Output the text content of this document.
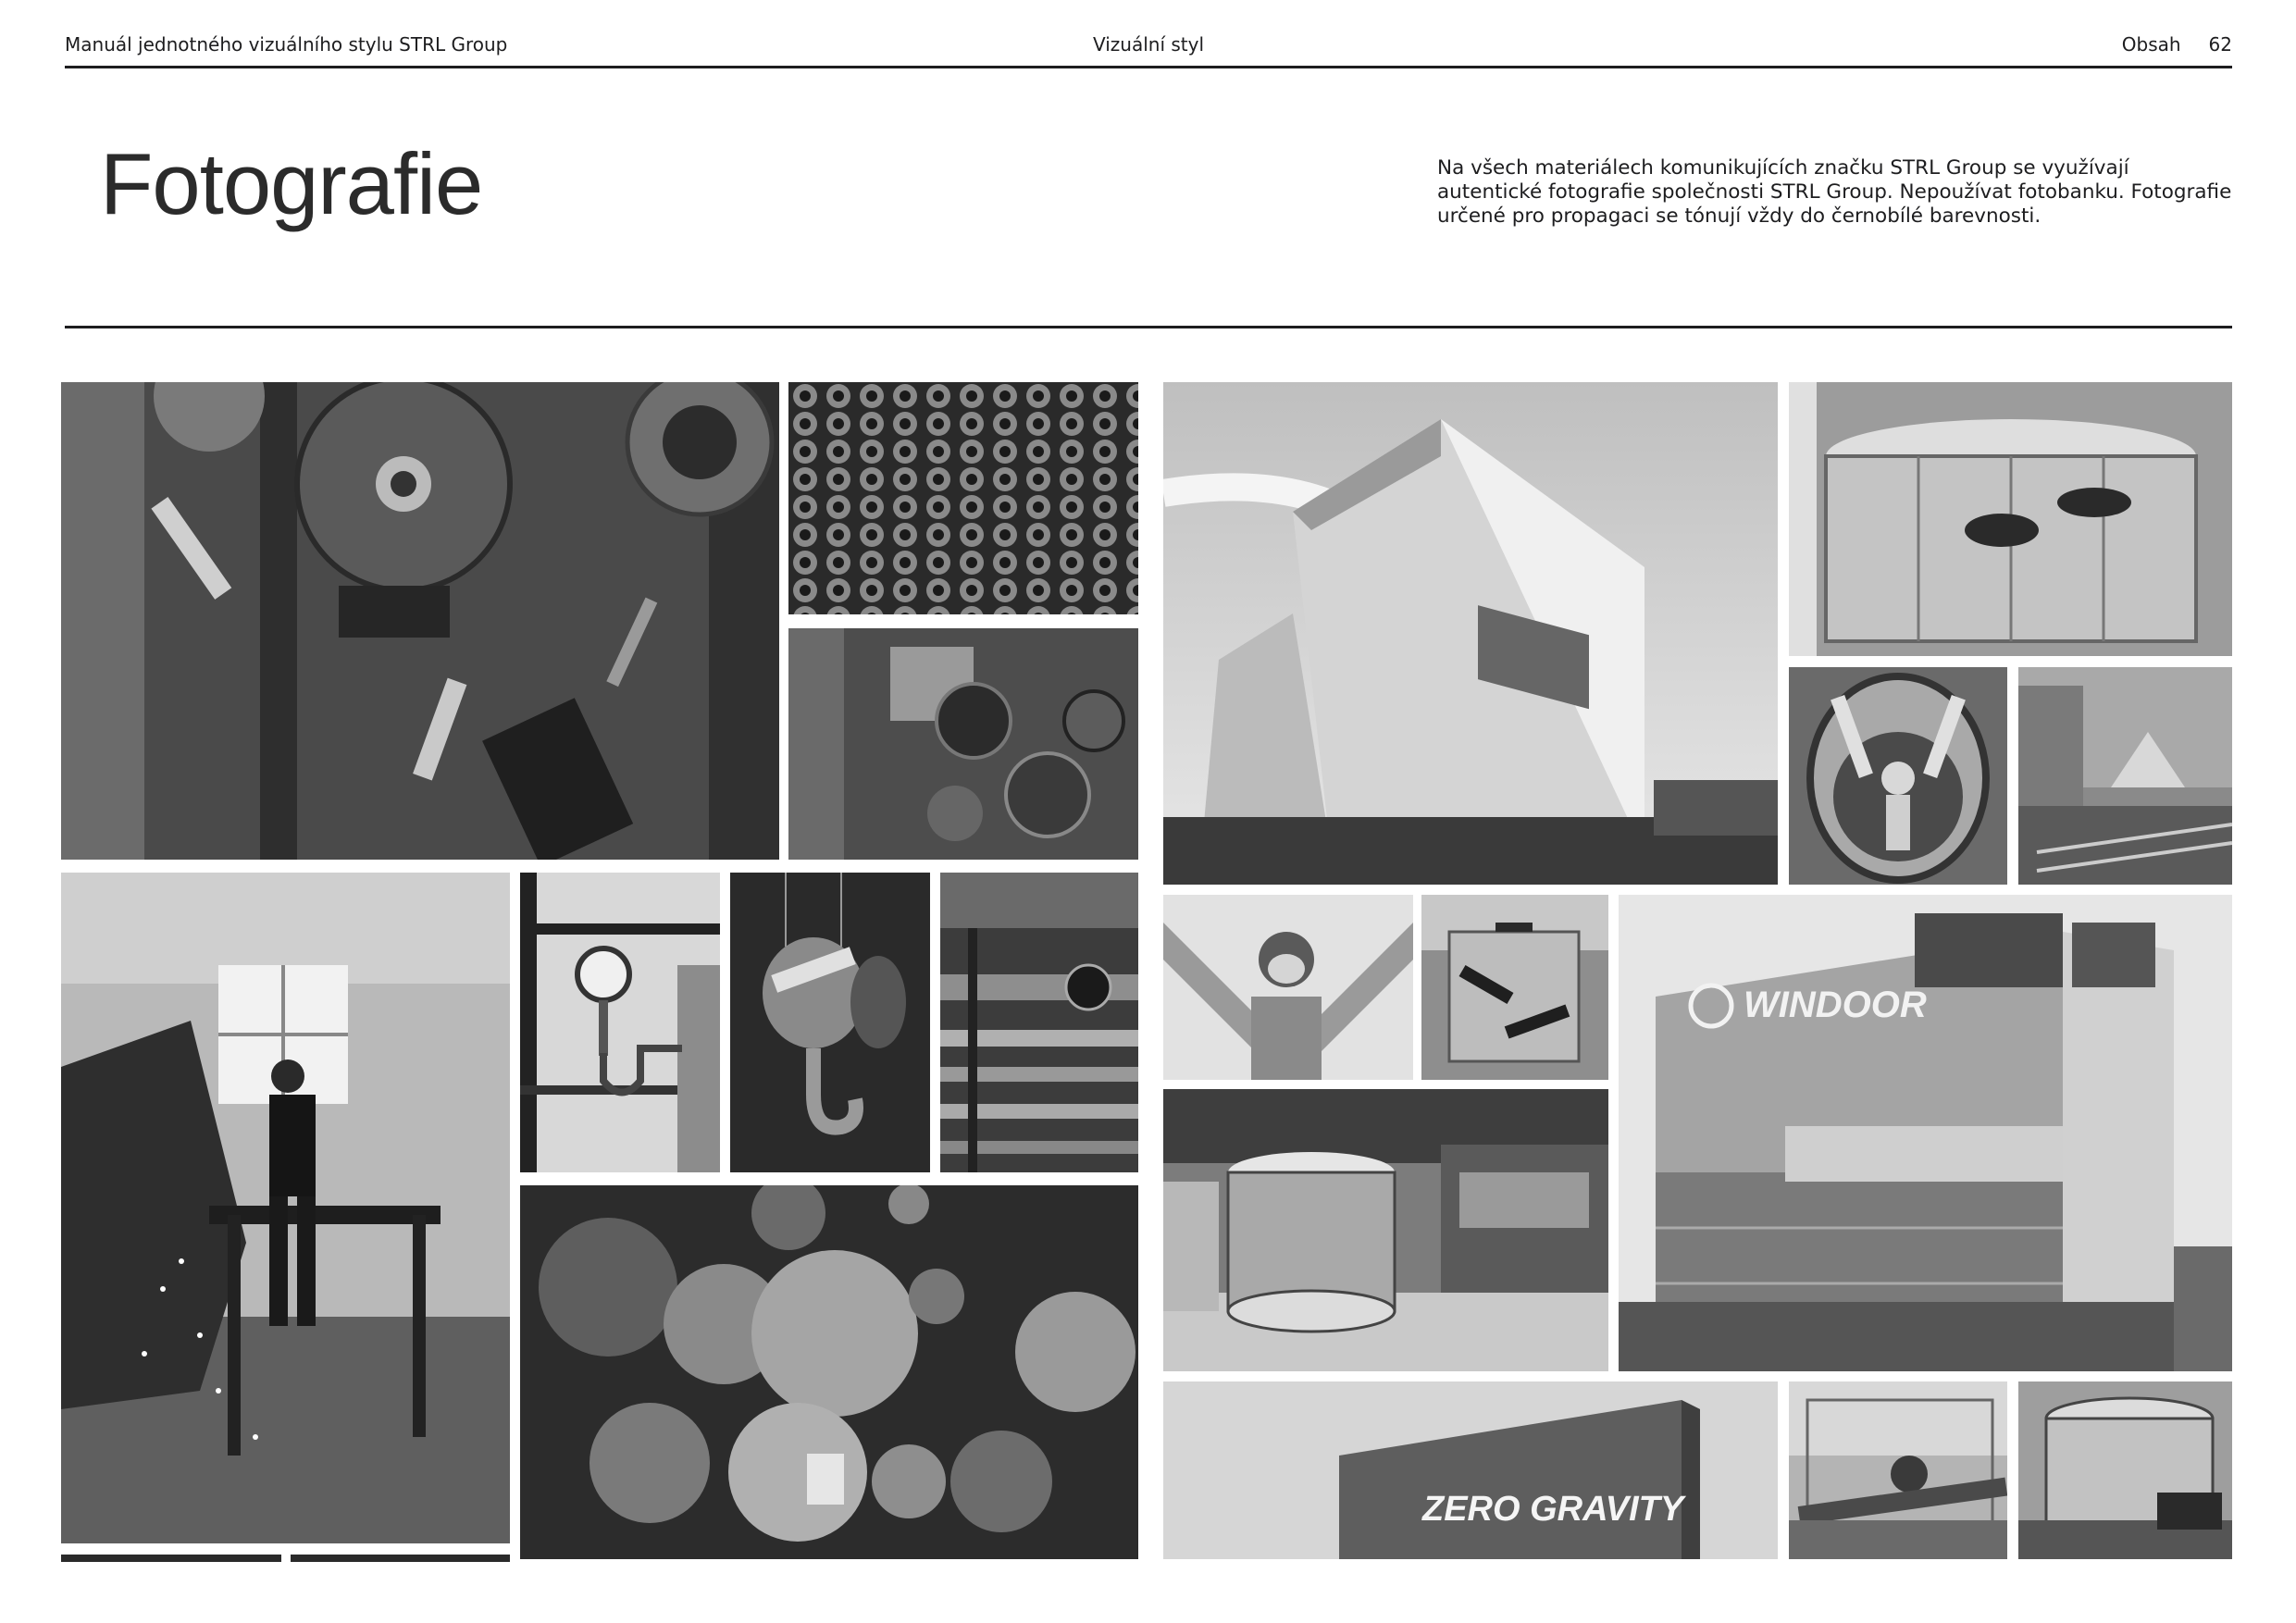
Manuál jednotného vizuálního stylu STRL Group	Vizuální styl	Obsah 62
Fotografie	Na všech materiálech komunikujících značku STRL Group se využívají autentické fotografie společnosti STRL Group. Nepoužívat fotobanku. Fotografie určené pro propagaci se tónují vždy do černobílé barevnosti.
WINDOOR
ZERO GRAVITY
